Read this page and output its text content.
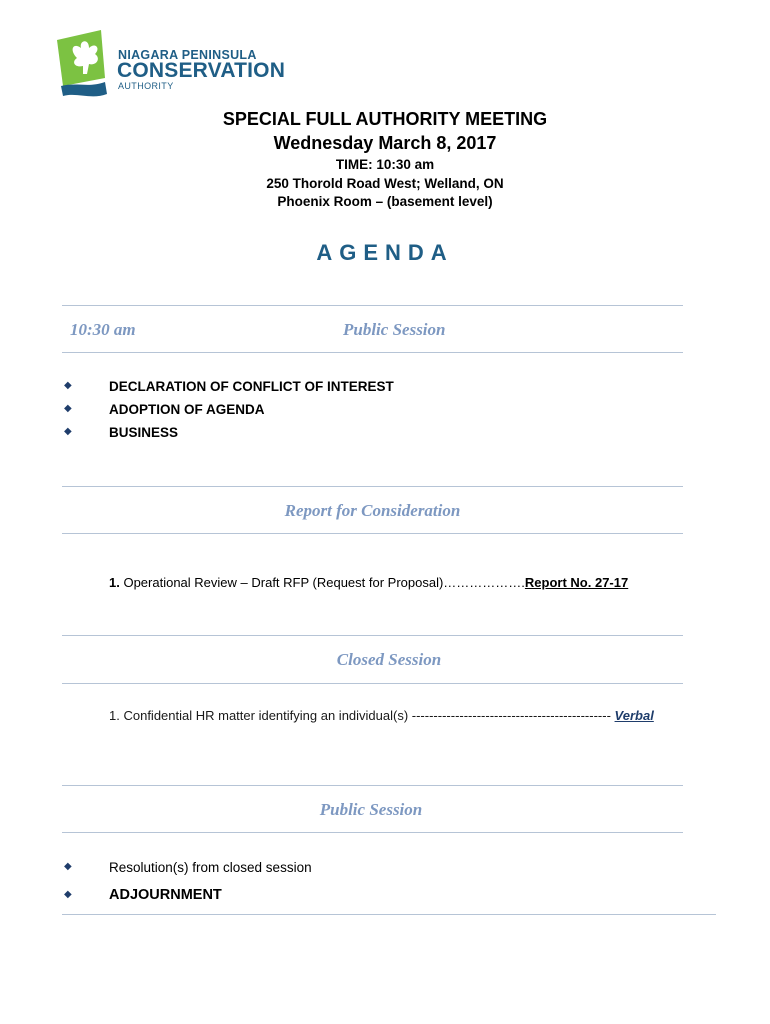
NIAGARA PENINSULA
CONSERVATION
AUTHORITY
SPECIAL FULL AUTHORITY MEETING
Wednesday March 8, 2017
TIME: 10:30 am
250 Thorold Road West; Welland, ON
Phoenix Room – (basement level)
AGENDA
10:30 am	Public Session
◆	DECLARATION OF CONFLICT OF INTEREST
◆	ADOPTION OF AGENDA
◆	BUSINESS
Report for Consideration
1. Operational Review – Draft RFP (Request for Proposal)……………….Report No. 27-17
Closed Session
1. Confidential HR matter identifying an individual(s) ---------------------------------------------- Verbal
Public Session
◆	Resolution(s) from closed session
◆	ADJOURNMENT
